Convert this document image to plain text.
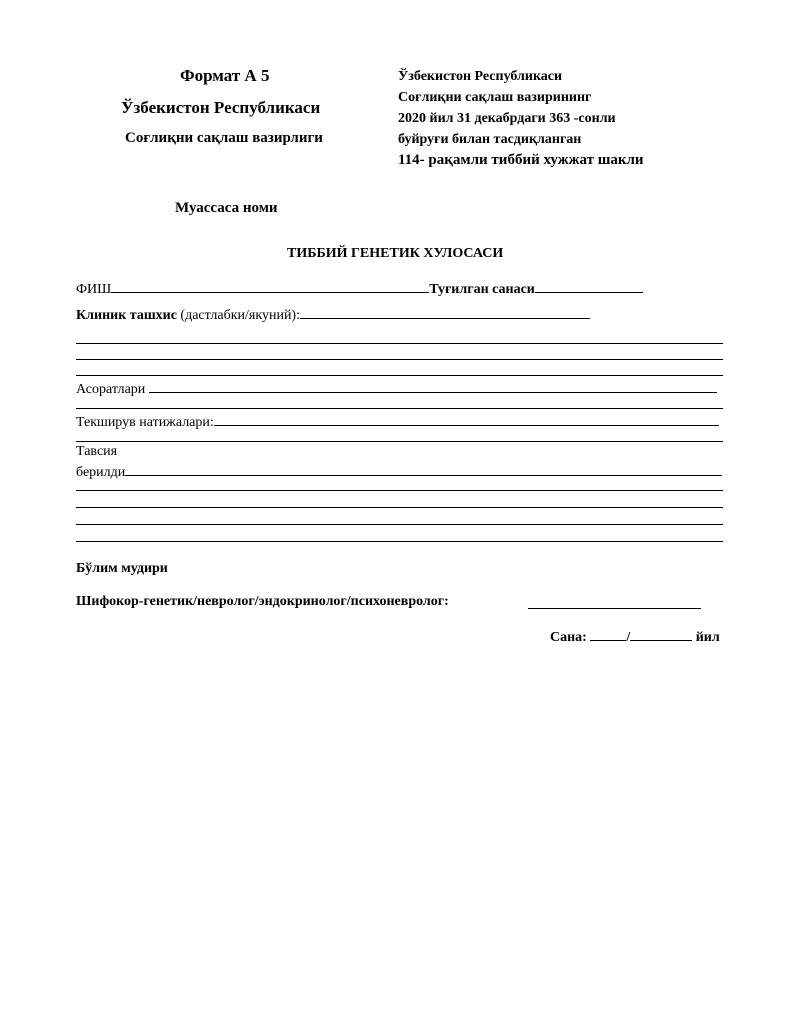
Формат А 5
Ўзбекистон Республикаси
Соғлиқни сақлаш вазирлиги
Ўзбекистон Республикаси
Соғлиқни сақлаш вазирининг
2020 йил 31 декабрдаги 363 -сонли
буйруғи билан тасдиқланган
114- рақамли тиббий хужжат шакли
Муассаса номи
ТИББИЙ ГЕНЕТИК ХУЛОСАСИ
ФИШ	Туғилган санаси
Клиник ташхис (дастлабки/якуний):
Асоратлари
Текширув натижалари:
Тавсия
берилди
Бўлим мудири
Шифокор-генетик/невролог/эндокринолог/психоневролог:
Сана:	/	йил
